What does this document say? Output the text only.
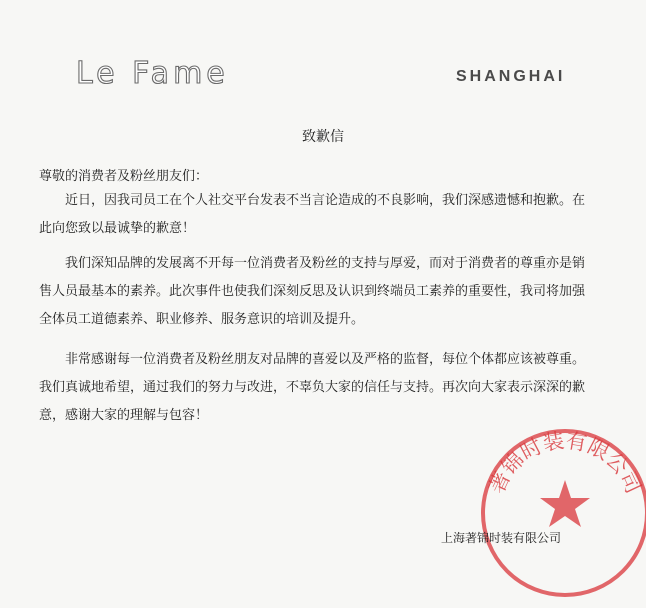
Le Fame	SHANGHAI
致歉信
尊敬的消费者及粉丝朋友们：

近日，因我司员工在个人社交平台发表不当言论造成的不良影响，我们深感遗憾和抱歉。在此向您致以最诚挚的歉意！

我们深知品牌的发展离不开每一位消费者及粉丝的支持与厚爱，而对于消费者的尊重亦是销售人员最基本的素养。此次事件也使我们深刻反思及认识到终端员工素养的重要性，我司将加强全体员工道德素养、职业修养、服务意识的培训及提升。

非常感谢每一位消费者及粉丝朋友对品牌的喜爱以及严格的监督，每位个体都应该被尊重。我们真诚地希望，通过我们的努力与改进，不辜负大家的信任与支持。再次向大家表示深深的歉意，感谢大家的理解与包容！

著锦时装有限公司
上海著锦时装有限公司
